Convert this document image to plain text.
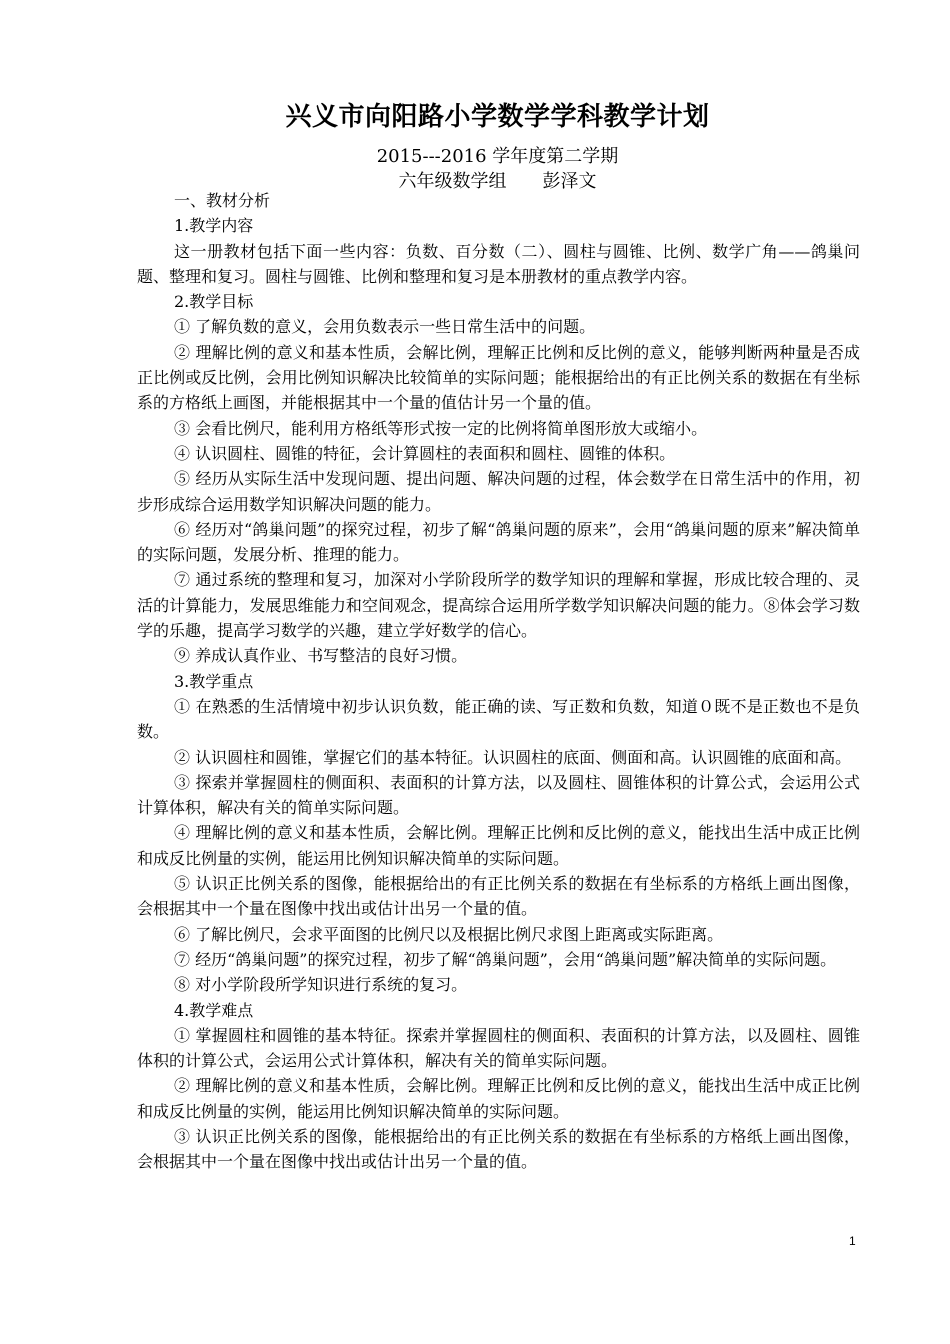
兴义市向阳路小学数学学科教学计划
2015---2016 学年度第二学期
六年级数学组 彭泽文

一、教材分析

1.教学内容

这一册教材包括下面一些内容：负数、百分数（二）、圆柱与圆锥、比例、数学广角——鸽巢问题、整理和复习。圆柱与圆锥、比例和整理和复习是本册教材的重点教学内容。

2.教学目标

① 了解负数的意义，会用负数表示一些日常生活中的问题。

② 理解比例的意义和基本性质，会解比例，理解正比例和反比例的意义，能够判断两种量是否成正比例或反比例，会用比例知识解决比较简单的实际问题；能根据给出的有正比例关系的数据在有坐标系的方格纸上画图，并能根据其中一个量的值估计另一个量的值。

③ 会看比例尺，能利用方格纸等形式按一定的比例将简单图形放大或缩小。

④ 认识圆柱、圆锥的特征，会计算圆柱的表面积和圆柱、圆锥的体积。

⑤ 经历从实际生活中发现问题、提出问题、解决问题的过程，体会数学在日常生活中的作用，初步形成综合运用数学知识解决问题的能力。

⑥ 经历对“鸽巢问题”的探究过程，初步了解“鸽巢问题的原来”，会用“鸽巢问题的原来”解决简单的实际问题，发展分析、推理的能力。

⑦ 通过系统的整理和复习，加深对小学阶段所学的数学知识的理解和掌握，形成比较合理的、灵活的计算能力，发展思维能力和空间观念，提高综合运用所学数学知识解决问题的能力。⑧体会学习数学的乐趣，提高学习数学的兴趣，建立学好数学的信心。

⑨ 养成认真作业、书写整洁的良好习惯。

3.教学重点

① 在熟悉的生活情境中初步认识负数，能正确的读、写正数和负数，知道０既不是正数也不是负数。

② 认识圆柱和圆锥，掌握它们的基本特征。认识圆柱的底面、侧面和高。认识圆锥的底面和高。

③ 探索并掌握圆柱的侧面积、表面积的计算方法，以及圆柱、圆锥体积的计算公式，会运用公式计算体积，解决有关的简单实际问题。

④ 理解比例的意义和基本性质，会解比例。理解正比例和反比例的意义，能找出生活中成正比例和成反比例量的实例，能运用比例知识解决简单的实际问题。

⑤ 认识正比例关系的图像，能根据给出的有正比例关系的数据在有坐标系的方格纸上画出图像，会根据其中一个量在图像中找出或估计出另一个量的值。

⑥ 了解比例尺，会求平面图的比例尺以及根据比例尺求图上距离或实际距离。

⑦ 经历“鸽巢问题”的探究过程，初步了解“鸽巢问题”，会用“鸽巢问题”解决简单的实际问题。

⑧ 对小学阶段所学知识进行系统的复习。

4.教学难点

① 掌握圆柱和圆锥的基本特征。探索并掌握圆柱的侧面积、表面积的计算方法，以及圆柱、圆锥体积的计算公式，会运用公式计算体积，解决有关的简单实际问题。

② 理解比例的意义和基本性质，会解比例。理解正比例和反比例的意义，能找出生活中成正比例和成反比例量的实例，能运用比例知识解决简单的实际问题。

③ 认识正比例关系的图像，能根据给出的有正比例关系的数据在有坐标系的方格纸上画出图像，会根据其中一个量在图像中找出或估计出另一个量的值。

1
